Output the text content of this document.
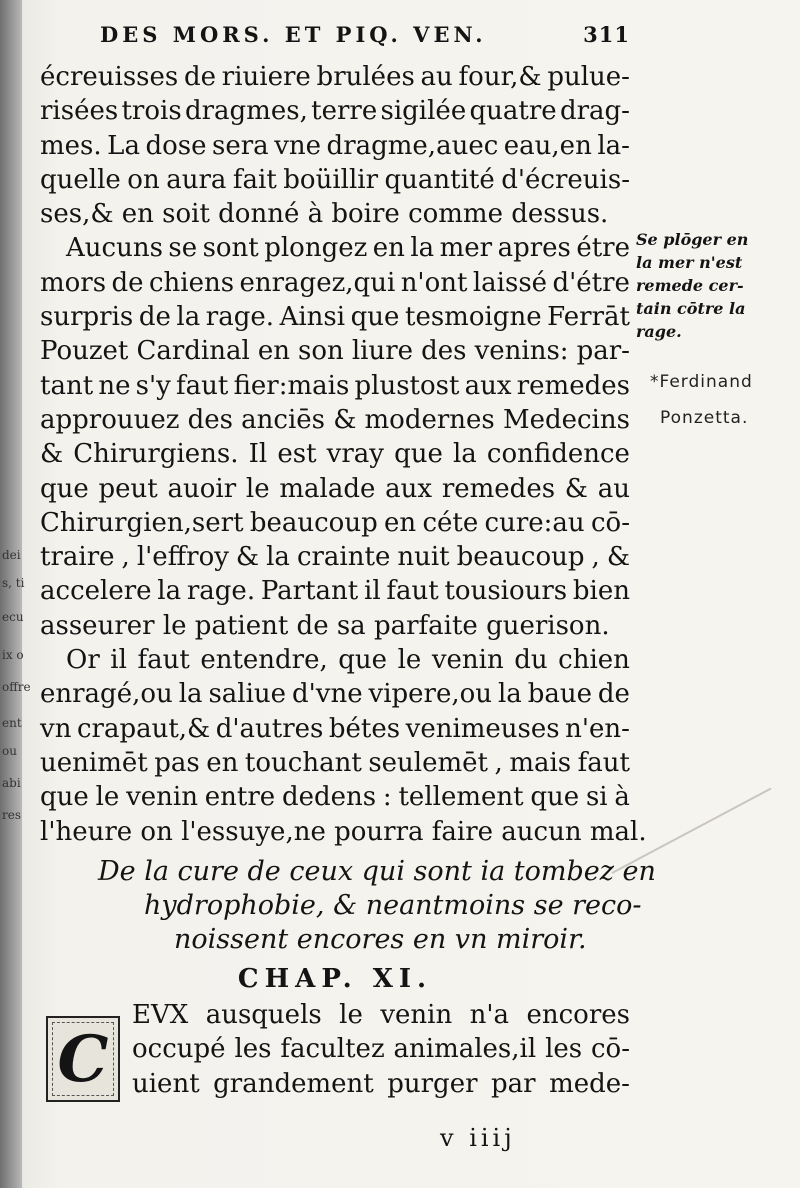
dei
s, ti
ecu
ix o
offre
ent
ou
abi
res
DES MORS. ET PIQ. VEN.	311
écreuisses de riuiere brulées au four,& pulue-
risées trois dragmes, terre sigilée quatre drag-
mes. La dose sera vne dragme,auec eau,en la-
quelle on aura fait boüillir quantité d'écreuis-
ses,& en soit donné à boire comme dessus.
Aucuns se sont plongez en la mer apres étre
mors de chiens enragez,qui n'ont laissé d'étre
surpris de la rage. Ainsi que tesmoigne Ferrāt
Pouzet Cardinal en son liure des venins: par-
tant ne s'y faut fier:mais plustost aux remedes
approuuez des anciēs & modernes Medecins
& Chirurgiens. Il est vray que la confidence
que peut auoir le malade aux remedes & au
Chirurgien,sert beaucoup en céte cure:au cō-
traire , l'effroy & la crainte nuit beaucoup , &
accelere la rage. Partant il faut tousiours bien
asseurer le patient de sa parfaite guerison.
Or il faut entendre, que le venin du chien
enragé,ou la saliue d'vne vipere,ou la baue de
vn crapaut,& d'autres bétes venimeuses n'en-
uenimēt pas en touchant seulemēt , mais faut
que le venin entre dedens : tellement que si à
l'heure on l'essuye,ne pourra faire aucun mal.
De la cure de ceux qui sont ia tombez en
hydrophobie, & neantmoins se reco-
noissent encores en vn miroir.
CHAP. XI.
EVX ausquels le venin n'a encores
occupé les facultez animales,il les cō-
uient grandement purger par mede-
C
Se plōger en
la mer n'est
remede cer-
tain cōtre la
rage.
*Ferdinand
Ponzetta.
v iiij
